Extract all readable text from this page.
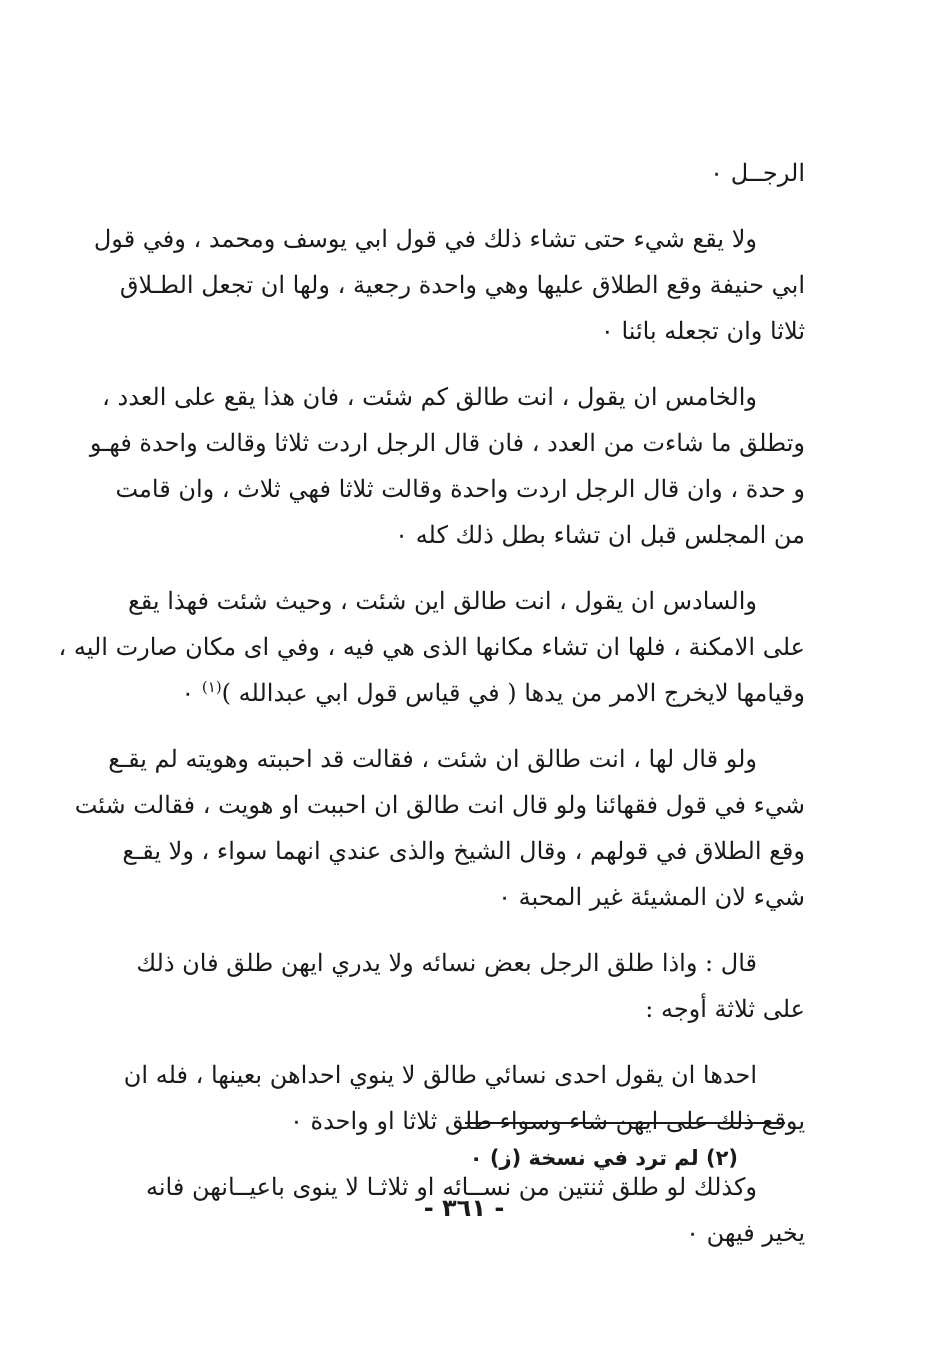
الرجــل ٠
ولا يقع شيء حتى تشاء ذلك في قول ابي يوسف ومحمد ، وفي قول
ابي حنيفة وقع الطلاق عليها وهي واحدة رجعية ، ولها ان تجعل الطـلاق
ثلاثا وان تجعله بائنا ٠
والخامس ان يقول ، انت طالق كم شئت ، فان هذا يقع على العدد ،
وتطلق ما شاءت من العدد ، فان قال الرجل اردت ثلاثا وقالت واحدة فهـو
و حدة ، وان قال الرجل اردت واحدة وقالت ثلاثا فهي ثلاث ، وان قامت
من المجلس قبل ان تشاء بطل ذلك كله ٠
والسادس ان يقول ، انت طالق اين شئت ، وحيث شئت فهذا يقع
على الامكنة ، فلها ان تشاء مكانها الذى هي فيه ، وفي اى مكان صارت اليه ،
وقيامها لايخرج الامر من يدها ( في قياس قول ابي عبدالله )$^{(١)}$ ٠
ولو قال لها ، انت طالق ان شئت ، فقالت قد احببته وهويته لم يقـع
شيء في قول فقهائنا ولو قال انت طالق ان احببت او هويت ، فقالت شئت
وقع الطلاق في قولهم ، وقال الشيخ والذى عندي انهما سواء ، ولا يقـع
شيء لان المشيئة غير المحبة ٠
قال : واذا طلق الرجل بعض نسائه ولا يدري ايهن طلق فان ذلك
على ثلاثة أوجه :
احدها ان يقول احدى نسائي طالق لا ينوي احداهن بعينها ، فله ان
يوقع ذلك على ايهن شاء وسواء طلق ثلاثا او واحدة ٠
وكذلك لو طلق ثنتين من نســائه او ثلاثـا لا ينوى باعيــانهن فانه
يخير فيهن ٠
(٢) لم ترد في نسخة (ز) ٠
- ٣٦١ -
